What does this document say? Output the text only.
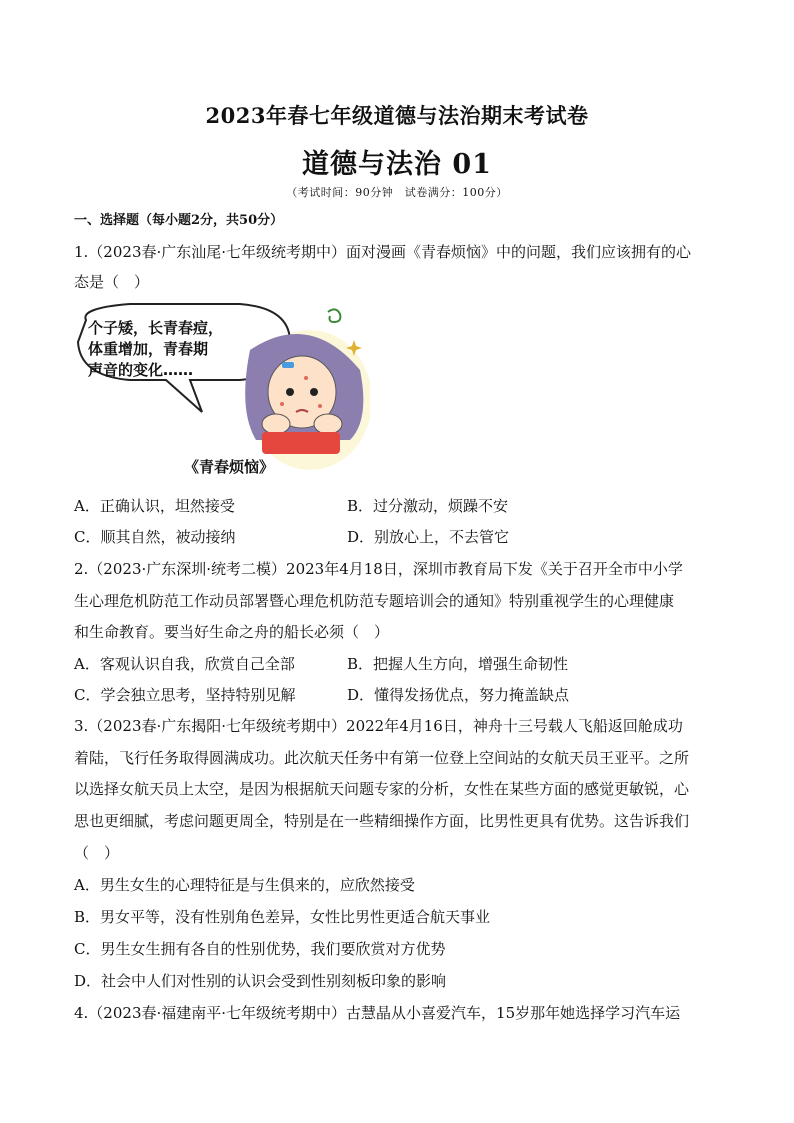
2023年春七年级道德与法治期末考试卷
道德与法治 01
（考试时间：90分钟　试卷满分：100分）
一、选择题（每小题2分，共50分）
1.（2023春·广东汕尾·七年级统考期中）面对漫画《青春烦恼》中的问题，我们应该拥有的心
态是（　）
个子矮，长青春痘，
体重增加，青春期
声音的变化……
《青春烦恼》
A．正确认识，坦然接受	B．过分激动，烦躁不安
C．顺其自然，被动接纳	D．别放心上，不去管它
2.（2023·广东深圳·统考二模）2023年4月18日，深圳市教育局下发《关于召开全市中小学
生心理危机防范工作动员部署暨心理危机防范专题培训会的通知》特别重视学生的心理健康
和生命教育。要当好生命之舟的船长必须（　）
A．客观认识自我，欣赏自己全部	B．把握人生方向，增强生命韧性
C．学会独立思考，坚持特别见解	D．懂得发扬优点，努力掩盖缺点
3.（2023春·广东揭阳·七年级统考期中）2022年4月16日，神舟十三号载人飞船返回舱成功
着陆，飞行任务取得圆满成功。此次航天任务中有第一位登上空间站的女航天员王亚平。之所
以选择女航天员上太空，是因为根据航天问题专家的分析，女性在某些方面的感觉更敏锐，心
思也更细腻，考虑问题更周全，特别是在一些精细操作方面，比男性更具有优势。这告诉我们
（　）
A．男生女生的心理特征是与生俱来的，应欣然接受
B．男女平等，没有性别角色差异，女性比男性更适合航天事业
C．男生女生拥有各自的性别优势，我们要欣赏对方优势
D．社会中人们对性别的认识会受到性别刻板印象的影响
4.（2023春·福建南平·七年级统考期中）古慧晶从小喜爱汽车，15岁那年她选择学习汽车运
